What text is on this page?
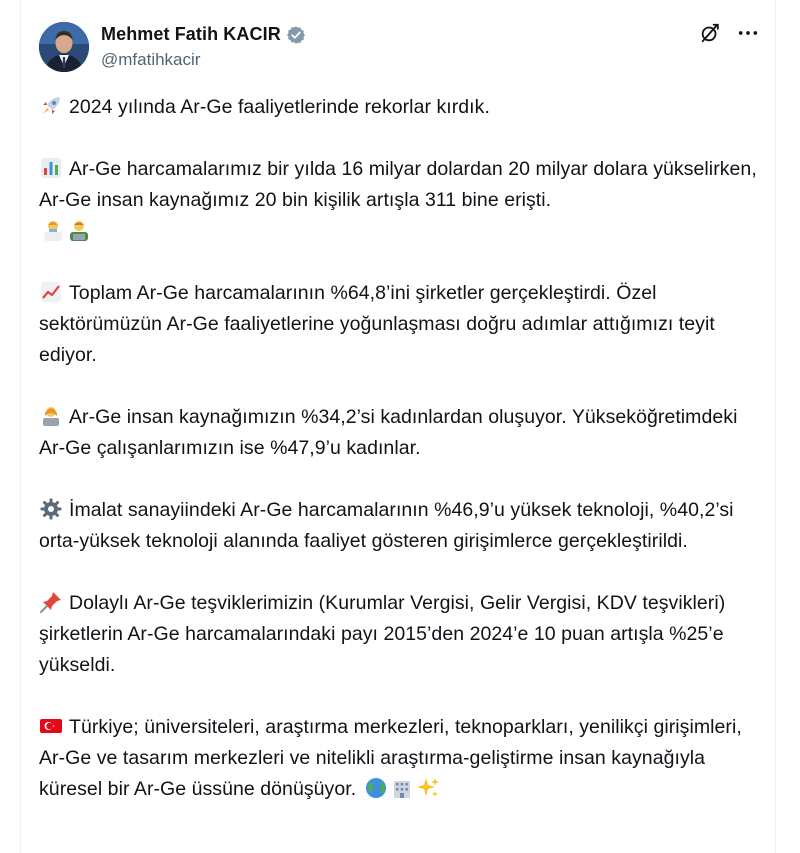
Mehmet Fatih KACIR
@mfatihkacir

2024 yılında Ar-Ge faaliyetlerinde rekorlar kırdık.

Ar-Ge harcamalarımız bir yılda 16 milyar dolardan 20 milyar dolara yükselirken, Ar-Ge insan kaynağımız 20 bin kişilik artışla 311 bine erişti.

Toplam Ar-Ge harcamalarının %64,8’ini şirketler gerçekleştirdi. Özel sektörümüzün Ar-Ge faaliyetlerine yoğunlaşması doğru adımlar attığımızı teyit ediyor.

Ar-Ge insan kaynağımızın %34,2’si kadınlardan oluşuyor. Yükseköğretimdeki Ar-Ge çalışanlarımızın ise %47,9’u kadınlar.

İmalat sanayiindeki Ar-Ge harcamalarının %46,9’u yüksek teknoloji, %40,2’si orta-yüksek teknoloji alanında faaliyet gösteren girişimlerce gerçekleştirildi.

Dolaylı Ar-Ge teşviklerimizin (Kurumlar Vergisi, Gelir Vergisi, KDV teşvikleri) şirketlerin Ar-Ge harcamalarındaki payı 2015’den 2024’e 10 puan artışla %25’e yükseldi.

Türkiye; üniversiteleri, araştırma merkezleri, teknoparkları, yenilikçi girişimleri, Ar-Ge ve tasarım merkezleri ve nitelikli araştırma-geliştirme insan kaynağıyla küresel bir Ar-Ge üssüne dönüşüyor.
